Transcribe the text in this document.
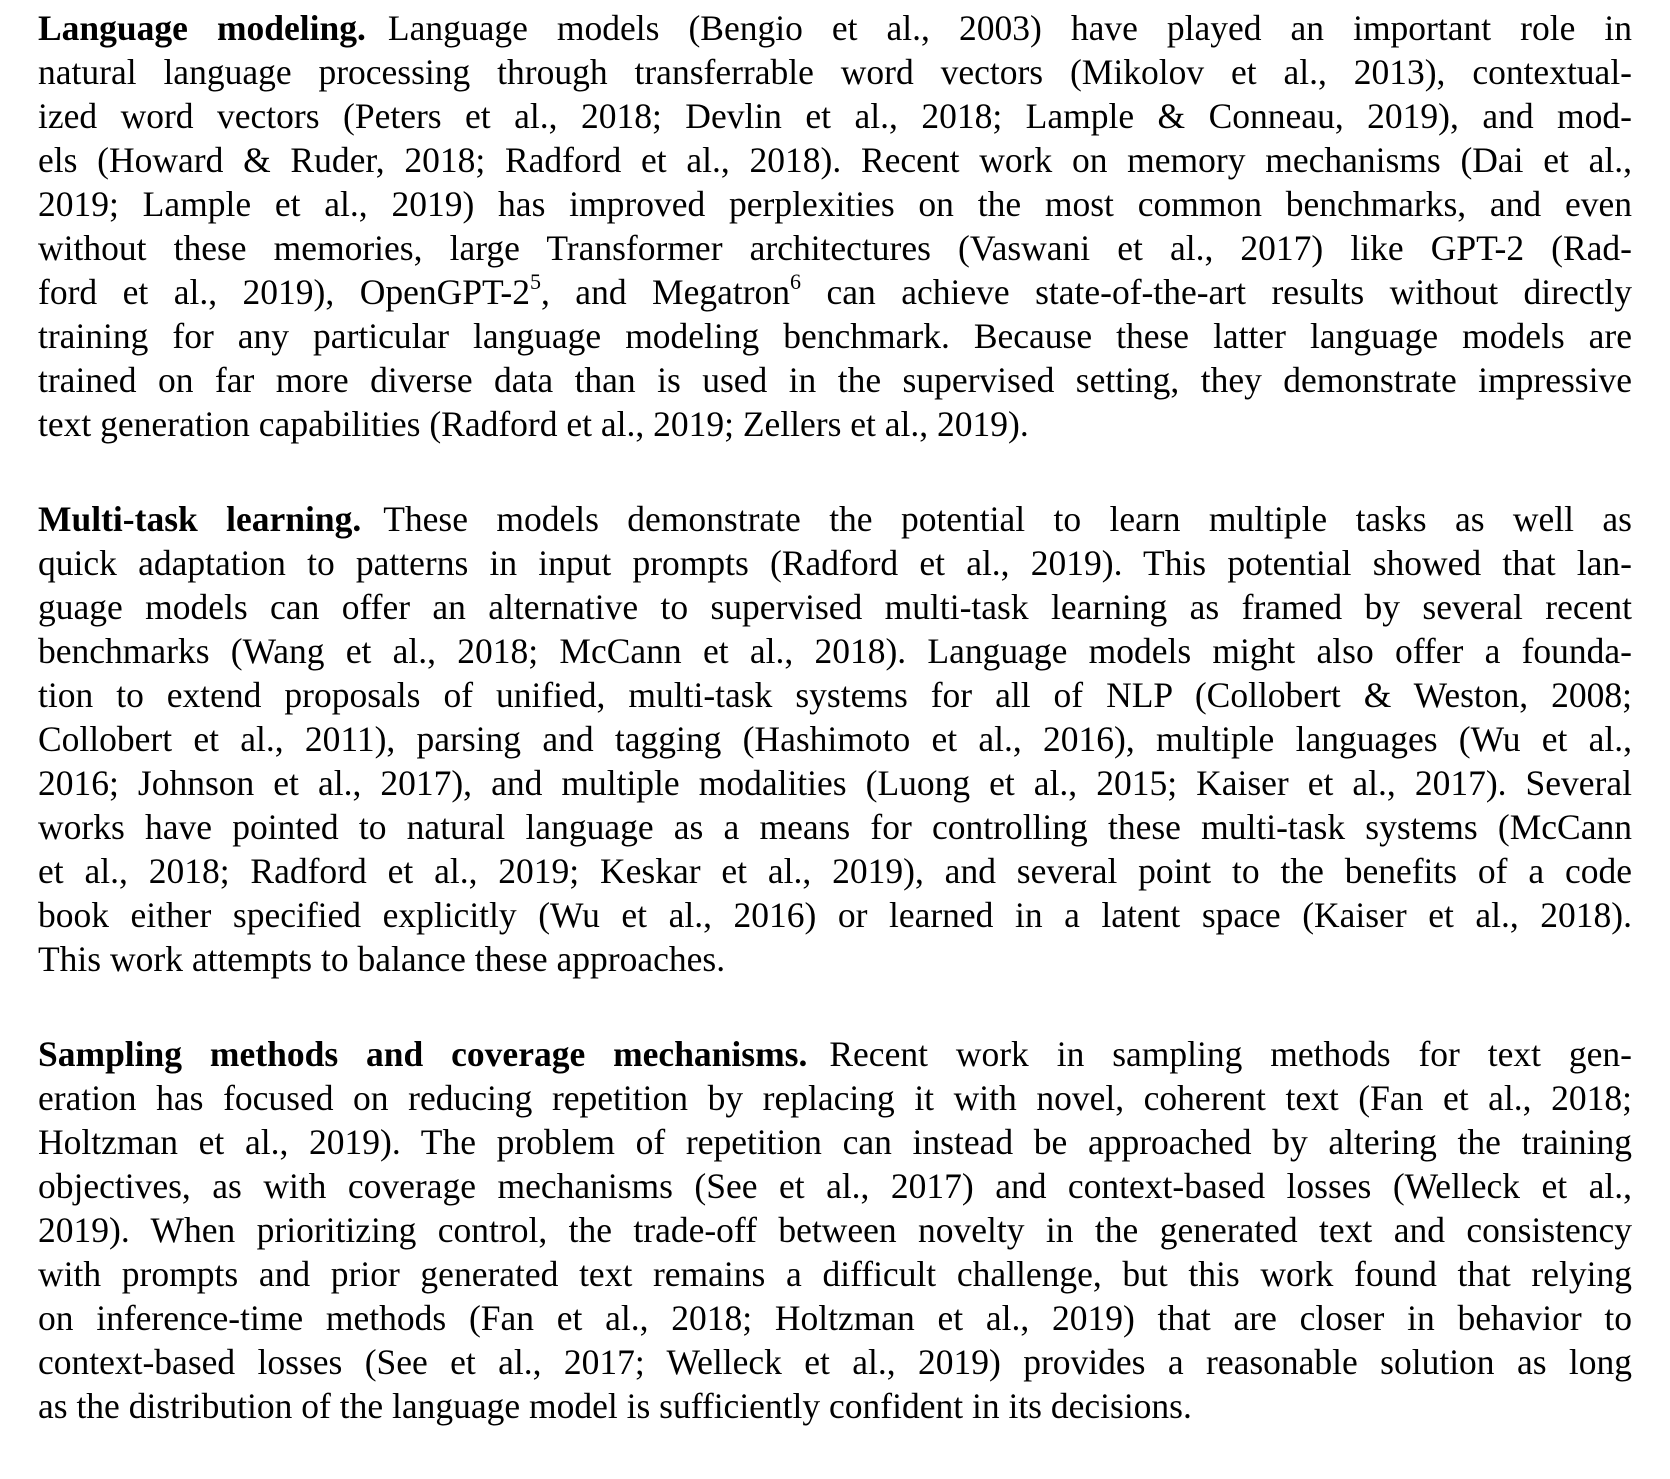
Language modeling. Language models (Bengio et al., 2003) have played an important role in
natural language processing through transferrable word vectors (Mikolov et al., 2013), contextual-
ized word vectors (Peters et al., 2018; Devlin et al., 2018; Lample & Conneau, 2019), and mod-
els (Howard & Ruder, 2018; Radford et al., 2018). Recent work on memory mechanisms (Dai et al.,
2019; Lample et al., 2019) has improved perplexities on the most common benchmarks, and even
without these memories, large Transformer architectures (Vaswani et al., 2017) like GPT-2 (Rad-
ford et al., 2019), OpenGPT-$2^5$, and Megatron$^6$ can achieve state-of-the-art results without directly
training for any particular language modeling benchmark. Because these latter language models are
trained on far more diverse data than is used in the supervised setting, they demonstrate impressive
text generation capabilities (Radford et al., 2019; Zellers et al., 2019).
Multi-task learning. These models demonstrate the potential to learn multiple tasks as well as
quick adaptation to patterns in input prompts (Radford et al., 2019). This potential showed that lan-
guage models can offer an alternative to supervised multi-task learning as framed by several recent
benchmarks (Wang et al., 2018; McCann et al., 2018). Language models might also offer a founda-
tion to extend proposals of unified, multi-task systems for all of NLP (Collobert & Weston, 2008;
Collobert et al., 2011), parsing and tagging (Hashimoto et al., 2016), multiple languages (Wu et al.,
2016; Johnson et al., 2017), and multiple modalities (Luong et al., 2015; Kaiser et al., 2017). Several
works have pointed to natural language as a means for controlling these multi-task systems (McCann
et al., 2018; Radford et al., 2019; Keskar et al., 2019), and several point to the benefits of a code
book either specified explicitly (Wu et al., 2016) or learned in a latent space (Kaiser et al., 2018).
This work attempts to balance these approaches.
Sampling methods and coverage mechanisms. Recent work in sampling methods for text gen-
eration has focused on reducing repetition by replacing it with novel, coherent text (Fan et al., 2018;
Holtzman et al., 2019). The problem of repetition can instead be approached by altering the training
objectives, as with coverage mechanisms (See et al., 2017) and context-based losses (Welleck et al.,
2019). When prioritizing control, the trade-off between novelty in the generated text and consistency
with prompts and prior generated text remains a difficult challenge, but this work found that relying
on inference-time methods (Fan et al., 2018; Holtzman et al., 2019) that are closer in behavior to
context-based losses (See et al., 2017; Welleck et al., 2019) provides a reasonable solution as long
as the distribution of the language model is sufficiently confident in its decisions.
